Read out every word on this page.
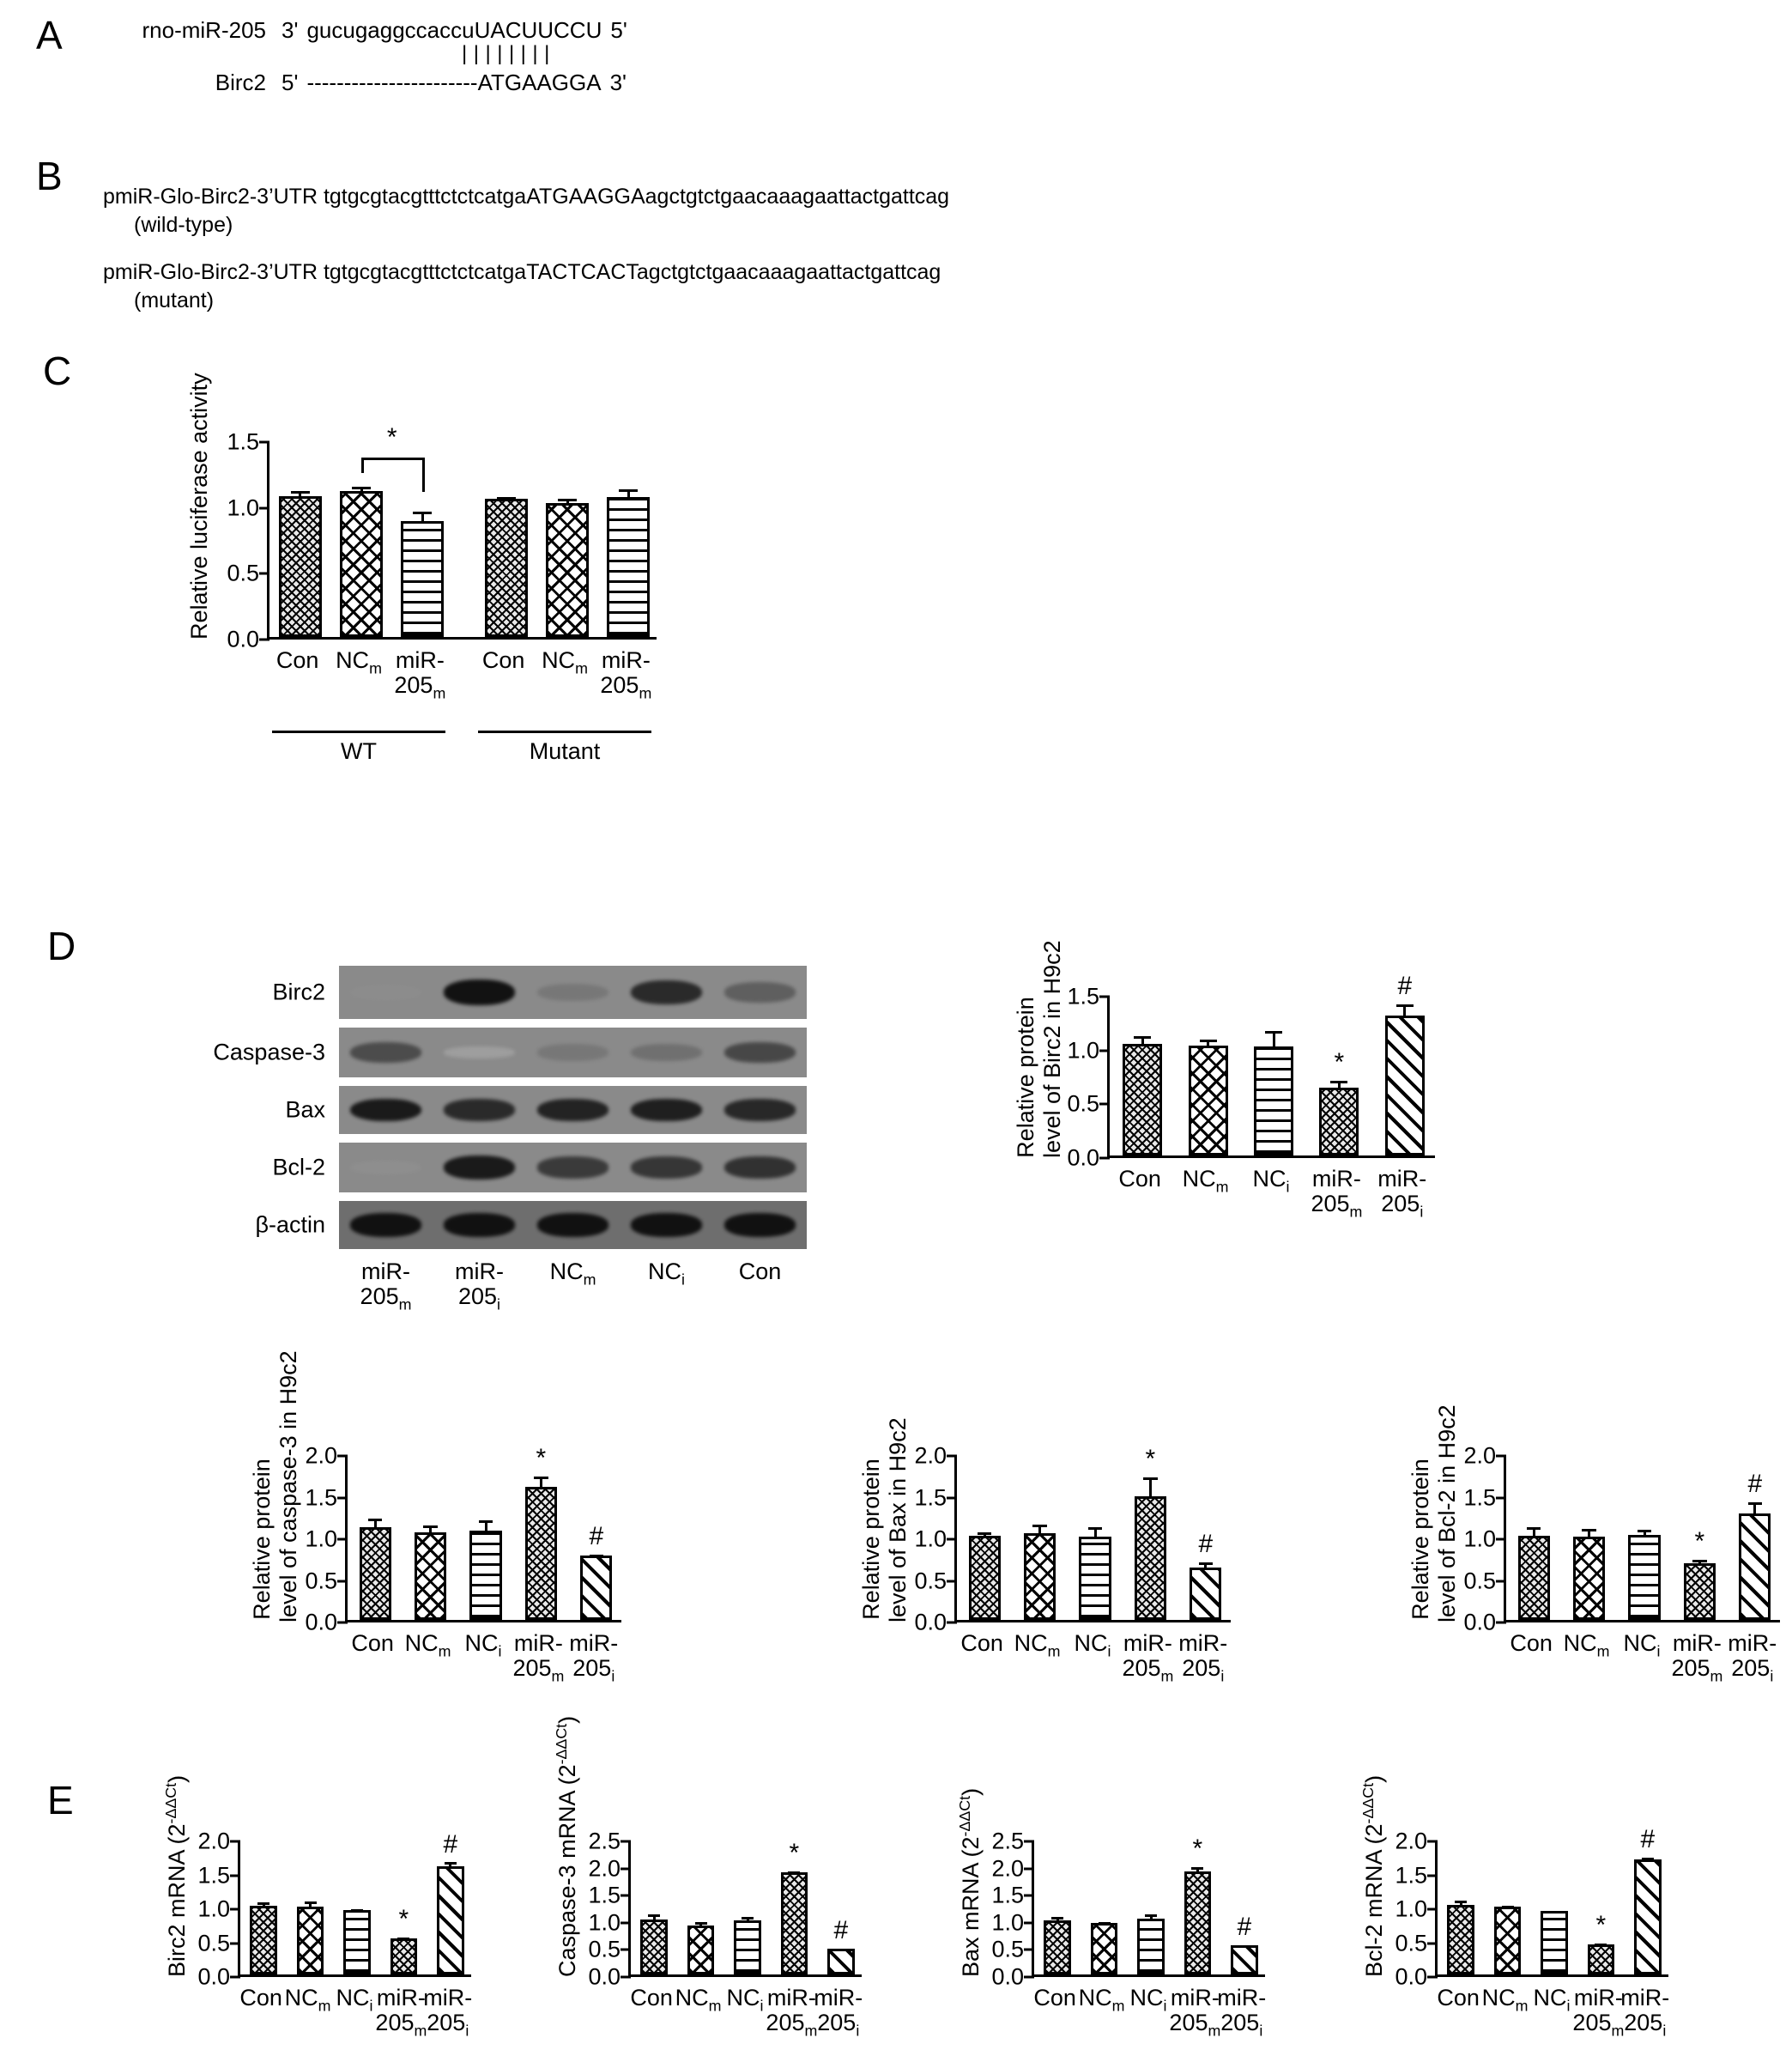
A	rno-miR-205 3' gucugaggccaccuUACUUCCU 5'
||||||||
Birc2 5' -----------------------ATGAAGGA 3'
B pmiR-Glo-Birc2-3’UTR tgtgcgtacgtttctctcatgaATGAAGGAagctgtctgaacaaagaattactgattcag
(wild-type)
pmiR-Glo-Birc2-3’UTR tgtgcgtacgtttctctcatgaTACTCACTagctgtctgaacaaagaattactgattcag
(mutant)
C
0.0
0.5
1.0
1.5	*
Relative luciferase activity
Con $NC_m$ miR-
$205_m$
Con $NC_m$ miR-
$205_m$
WT	Mutant
D
Birc2
Caspase-3
Bax
Bcl-2
β-actin
miR-
$205_m$
miR-
$205_i$
$NC_m$	$NC_i$	Con
0.0
0.5
1.0
1.5
*
#
Relative protein
level of Birc2 in H9c2
Con $NC_m$	$NC_i$ miR-
$205_m$
miR-
$205_i$
0.0
0.5
1.0
1.5
2.0	*
#
Relative protein
level of caspase-3 in H9c2
Con $NC_m$ $NC_i$ miR-
$205_m$
miR-
$205_i$
0.0
0.5
1.0
1.5
2.0	*
#
Relative protein
level of Bax in H9c2
Con $NC_m$ $NC_i$ miR-
$205_m$
miR-
$205_i$
0.0
0.5
1.0
1.5
2.0
*
#
Relative protein
level of Bcl-2 in H9c2
Con $NC_m$ $NC_i$ miR-
$205_m$
miR-
$205_i$
E
0.0
0.5
1.0
1.5
2.0
*
#
Birc2 mRNA $(2^{-\Delta\Delta Ct})$
Con $NC_m$ $NC_i$ miR-
$205_m$
miR-
$205_i$
0.0
0.5
1.0
1.5
2.0
2.5	*
#
Caspase-3 mRNA $(2^{-\Delta\Delta Ct})$
Con $NC_m$ $NC_i$ miR-
$205_m$
miR-
$205_i$
0.0
0.5
1.0
1.5
2.0
2.5	*
#
Bax mRNA $(2^{-\Delta\Delta Ct})$
Con $NC_m$ $NC_i$ miR-
$205_m$
miR-
$205_i$
0.0
0.5
1.0
1.5
2.0
*
#
Bcl-2 mRNA $(2^{-\Delta\Delta Ct})$
Con $NC_m$ $NC_i$ miR-
$205_m$
miR-
$205_i$
